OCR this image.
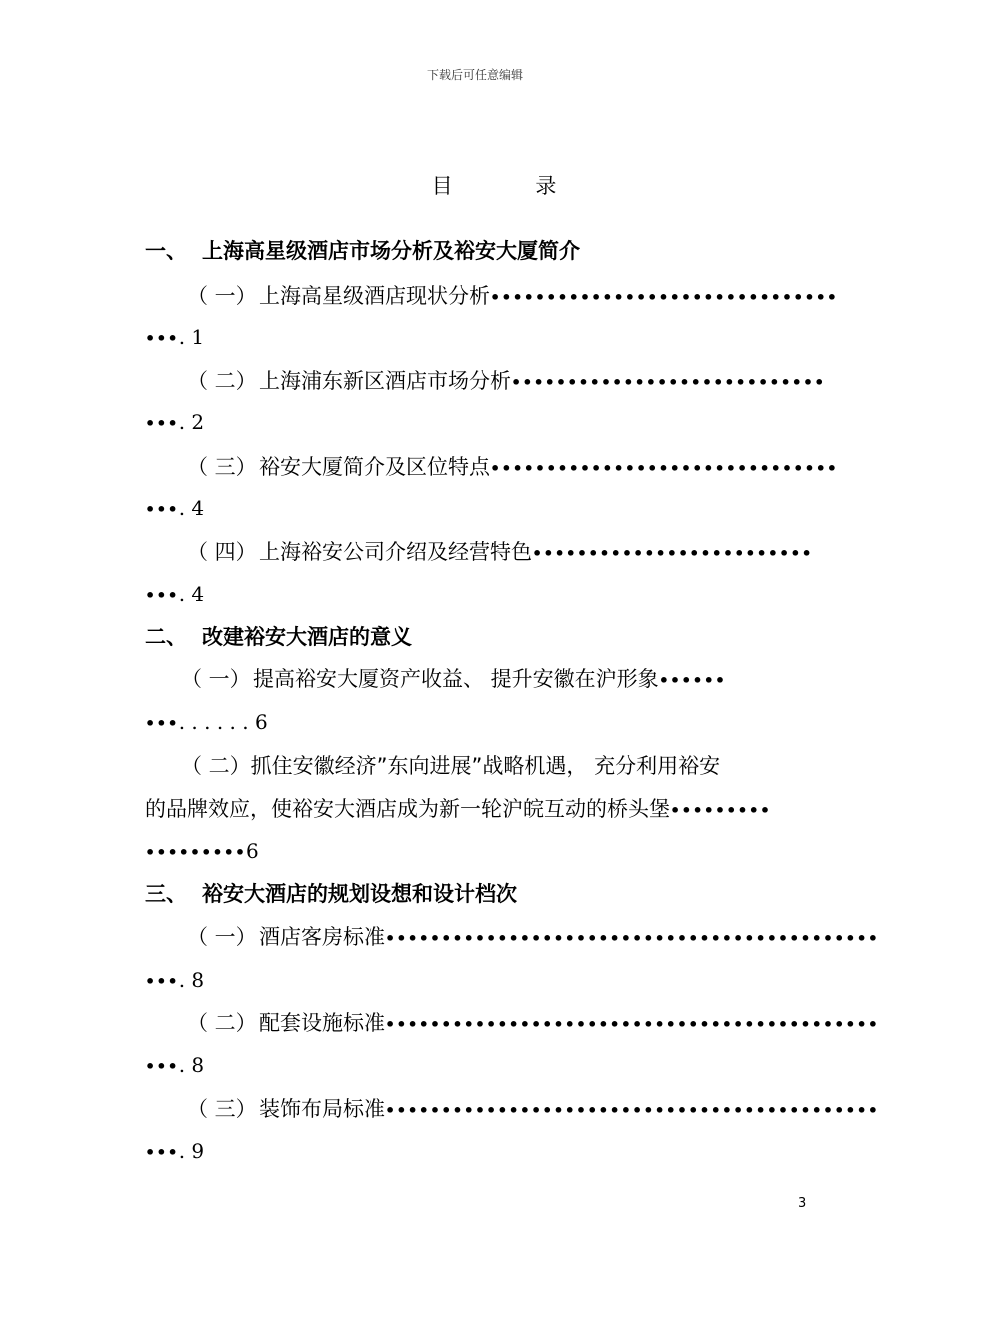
下载后可任意编辑
目 录
一、 上海高星级酒店市场分析及裕安大厦简介
（ 一） 上海高星级酒店现状分析•••••••••••••••••••••••••••••••
•••. 1
（ 二） 上海浦东新区酒店市场分析••••••••••••••••••••••••••••
•••. 2
（ 三） 裕安大厦简介及区位特点•••••••••••••••••••••••••••••••
•••. 4
（ 四） 上海裕安公司介绍及经营特色•••••••••••••••••••••••••
•••. 4
二、 改建裕安大酒店的意义
（ 一） 提高裕安大厦资产收益、 提升安徽在沪形象••••••
•••. . . . . . 6
（ 二）抓住安徽经济”东向进展”战略机遇， 充分利用裕安
的品牌效应，使裕安大酒店成为新一轮沪皖互动的桥头堡•••••••••
•••••••••6
三、 裕安大酒店的规划设想和设计档次
（ 一） 酒店客房标准••••••••••••••••••••••••••••••••••••••••••••
•••. 8
（ 二） 配套设施标准••••••••••••••••••••••••••••••••••••••••••••
•••. 8
（ 三） 装饰布局标准••••••••••••••••••••••••••••••••••••••••••••
•••. 9
3
